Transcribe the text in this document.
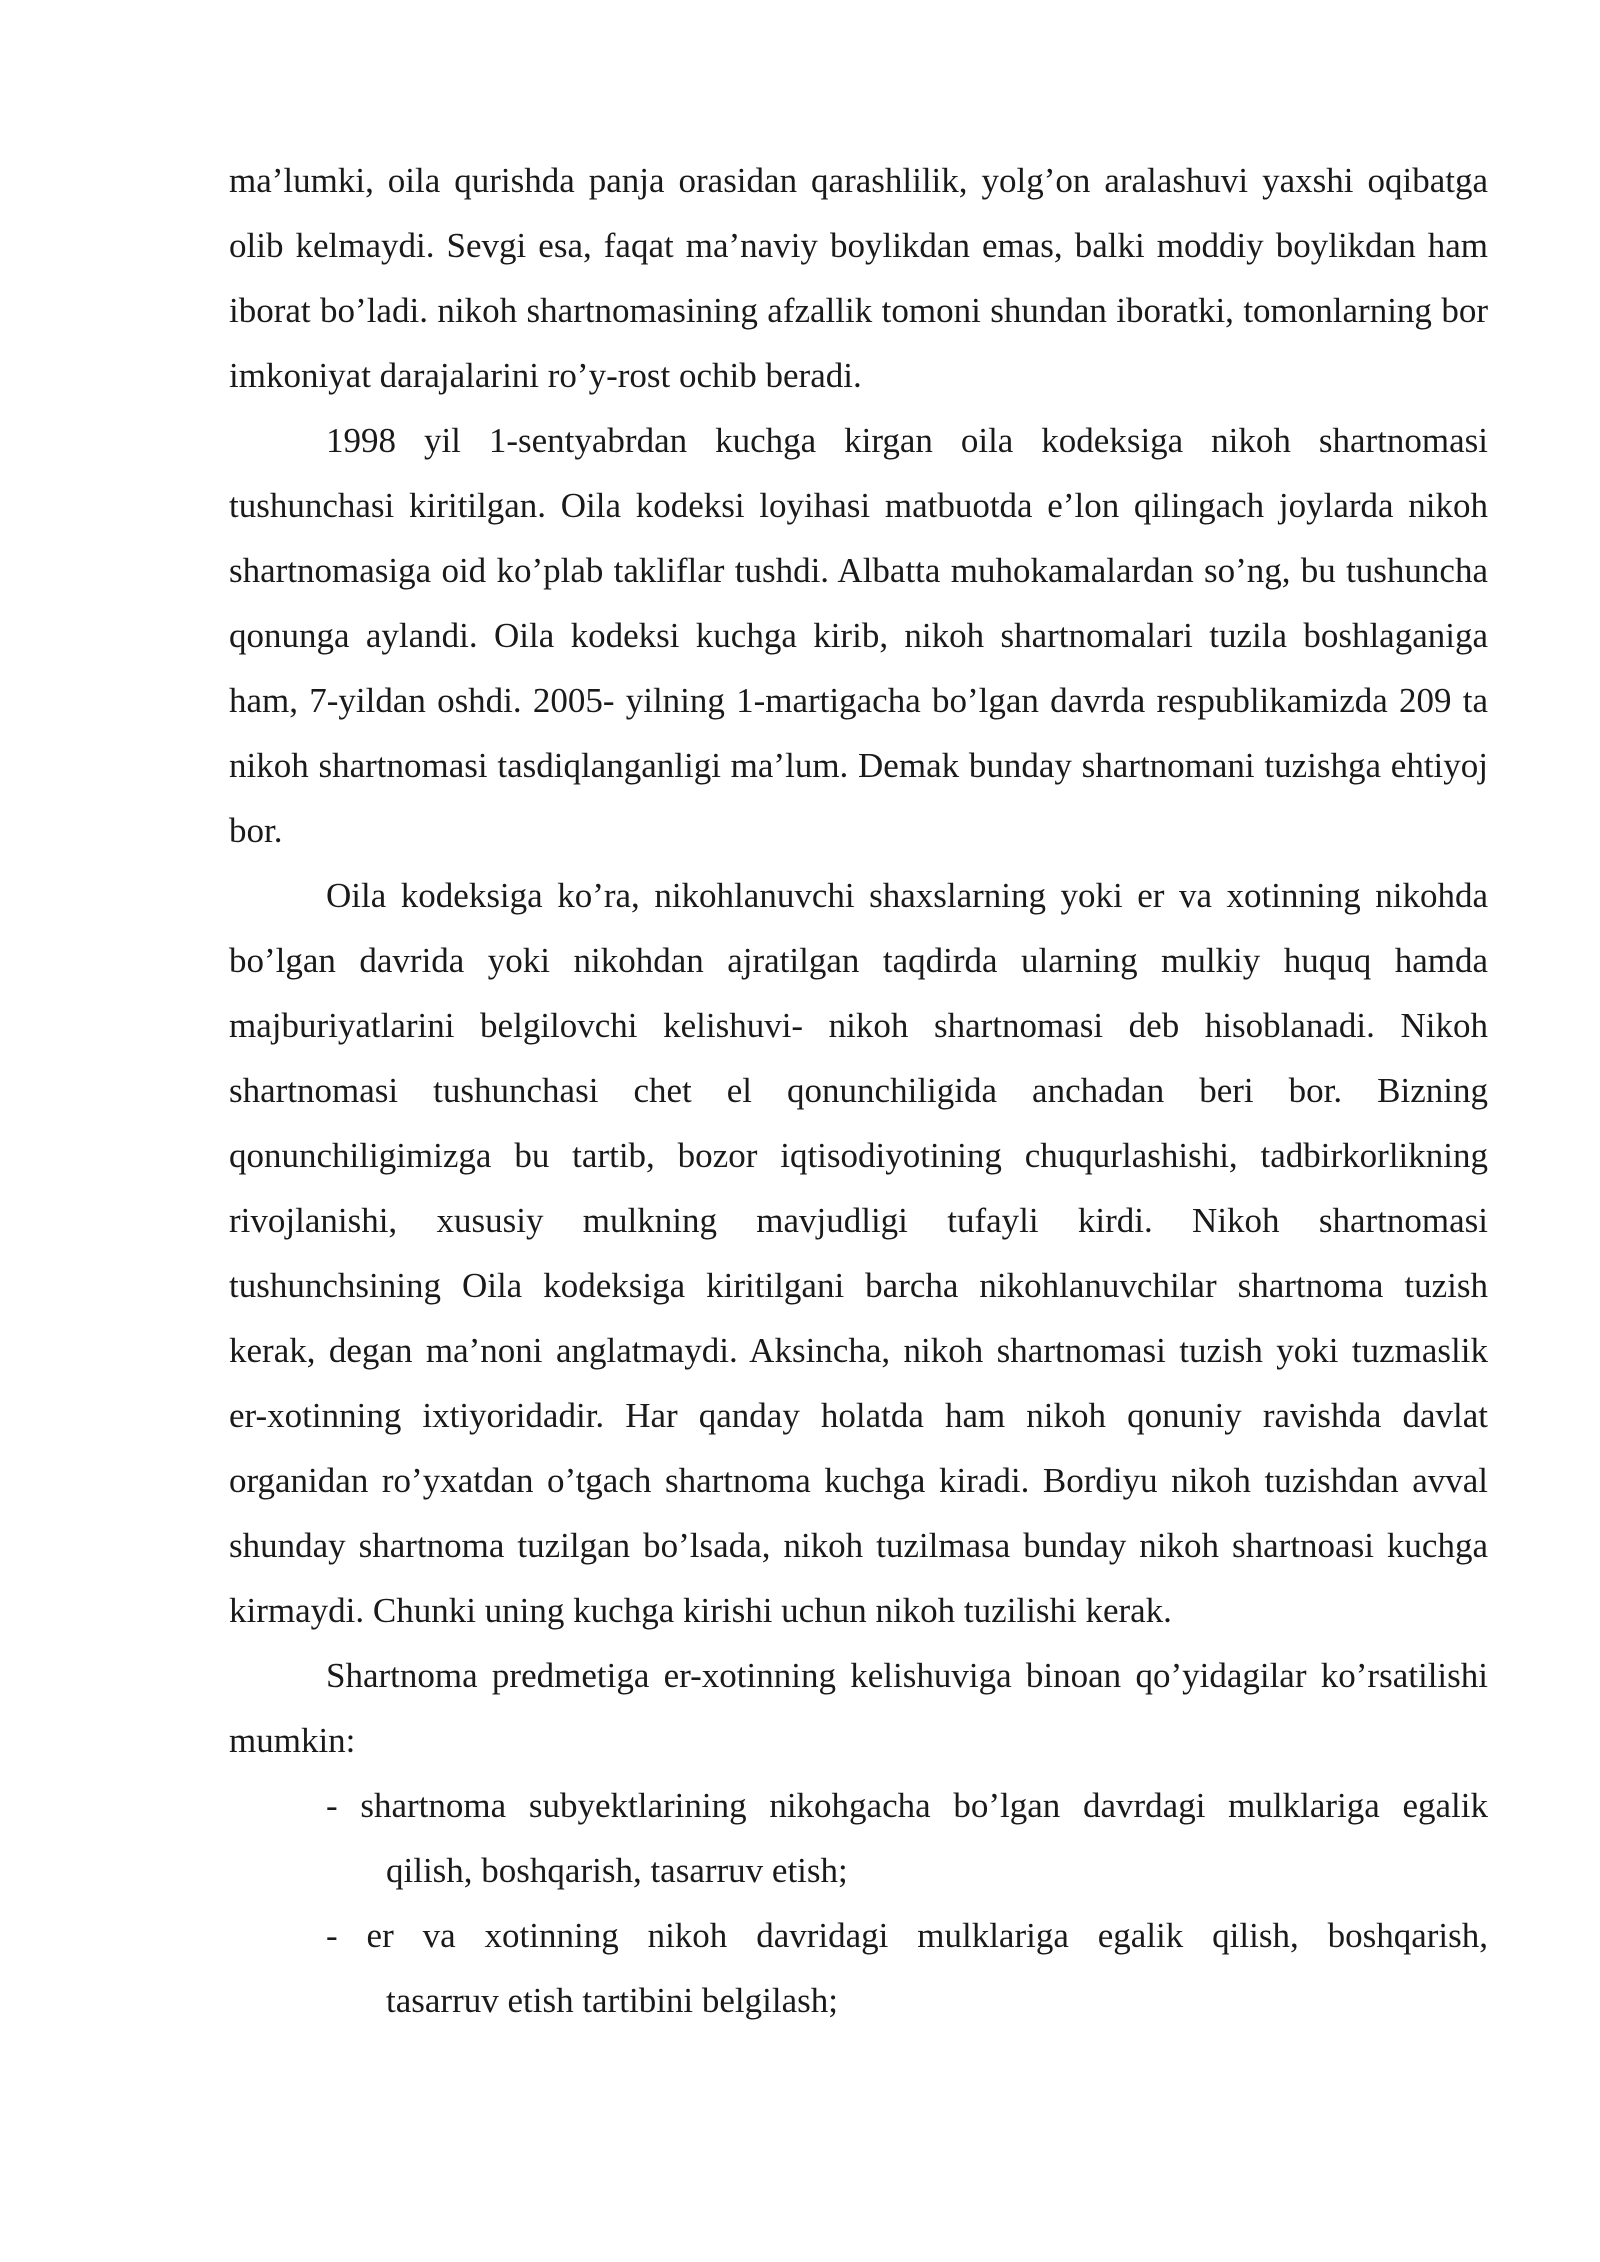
ma’lumki, oila qurishda panja orasidan qarashlilik, yolg’on aralashuvi yaxshi oqibatga olib kelmaydi. Sevgi esa, faqat ma’naviy boylikdan emas, balki moddiy boylikdan ham iborat bo’ladi. nikoh shartnomasining afzallik tomoni shundan iboratki, tomonlarning bor imkoniyat darajalarini ro’y-rost ochib beradi.

1998 yil 1-sentyabrdan kuchga kirgan oila kodeksiga nikoh shartnomasi tushunchasi kiritilgan. Oila kodeksi loyihasi matbuotda e’lon qilingach joylarda nikoh shartnomasiga oid ko’plab takliflar tushdi. Albatta muhokamalardan so’ng, bu tushuncha qonunga aylandi. Oila kodeksi kuchga kirib, nikoh shartnomalari tuzila boshlaganiga ham, 7-yildan oshdi. 2005- yilning 1-martigacha bo’lgan davrda respublikamizda 209 ta nikoh shartnomasi tasdiqlanganligi ma’lum. Demak bunday shartnomani tuzishga ehtiyoj bor.

Oila kodeksiga ko’ra, nikohlanuvchi shaxslarning yoki er va xotinning nikohda bo’lgan davrida yoki nikohdan ajratilgan taqdirda ularning mulkiy huquq hamda majburiyatlarini belgilovchi kelishuvi- nikoh shartnomasi deb hisoblanadi. Nikoh shartnomasi tushunchasi chet el qonunchiligida anchadan beri bor. Bizning qonunchiligimizga bu tartib, bozor iqtisodiyotining chuqurlashishi, tadbirkorlikning rivojlanishi, xususiy mulkning mavjudligi tufayli kirdi. Nikoh shartnomasi tushunchsining Oila kodeksiga kiritilgani barcha nikohlanuvchilar shartnoma tuzish kerak, degan ma’noni anglatmaydi. Aksincha, nikoh shartnomasi tuzish yoki tuzmaslik er-xotinning ixtiyoridadir. Har qanday holatda ham nikoh qonuniy ravishda davlat organidan ro’yxatdan o’tgach shartnoma kuchga kiradi. Bordiyu nikoh tuzishdan avval shunday shartnoma tuzilgan bo’lsada, nikoh tuzilmasa bunday nikoh shartnoasi kuchga kirmaydi. Chunki uning kuchga kirishi uchun nikoh tuzilishi kerak.

Shartnoma predmetiga er-xotinning kelishuviga binoan qo’yidagilar ko’rsatilishi mumkin:

- shartnoma subyektlarining nikohgacha bo’lgan davrdagi mulklariga egalik
qilish, boshqarish, tasarruv etish;
- er va xotinning nikoh davridagi mulklariga egalik qilish, boshqarish,
tasarruv etish tartibini belgilash;
